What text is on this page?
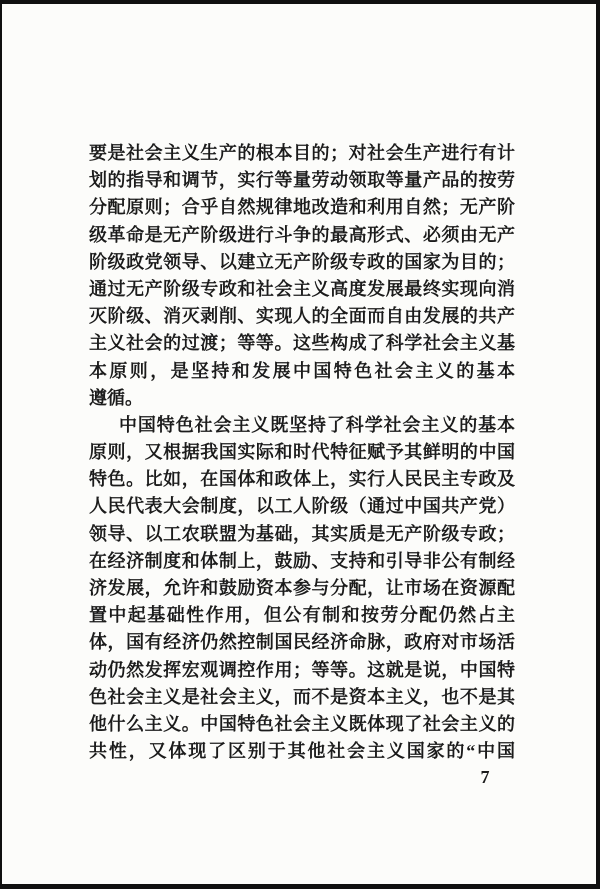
要是社会主义生产的根本目的；对社会生产进行有计
划的指导和调节，实行等量劳动领取等量产品的按劳
分配原则；合乎自然规律地改造和利用自然；无产阶
级革命是无产阶级进行斗争的最高形式、必须由无产
阶级政党领导、以建立无产阶级专政的国家为目的；
通过无产阶级专政和社会主义高度发展最终实现向消
灭阶级、消灭剥削、实现人的全面而自由发展的共产
主义社会的过渡；等等。这些构成了科学社会主义基
本原则，是坚持和发展中国特色社会主义的基本
遵循。
中国特色社会主义既坚持了科学社会主义的基本
原则，又根据我国实际和时代特征赋予其鲜明的中国
特色。比如，在国体和政体上，实行人民民主专政及
人民代表大会制度，以工人阶级（通过中国共产党）
领导、以工农联盟为基础，其实质是无产阶级专政；
在经济制度和体制上，鼓励、支持和引导非公有制经
济发展，允许和鼓励资本参与分配，让市场在资源配
置中起基础性作用，但公有制和按劳分配仍然占主
体，国有经济仍然控制国民经济命脉，政府对市场活
动仍然发挥宏观调控作用；等等。这就是说，中国特
色社会主义是社会主义，而不是资本主义，也不是其
他什么主义。中国特色社会主义既体现了社会主义的
共性，又体现了区别于其他社会主义国家的“中国
7
